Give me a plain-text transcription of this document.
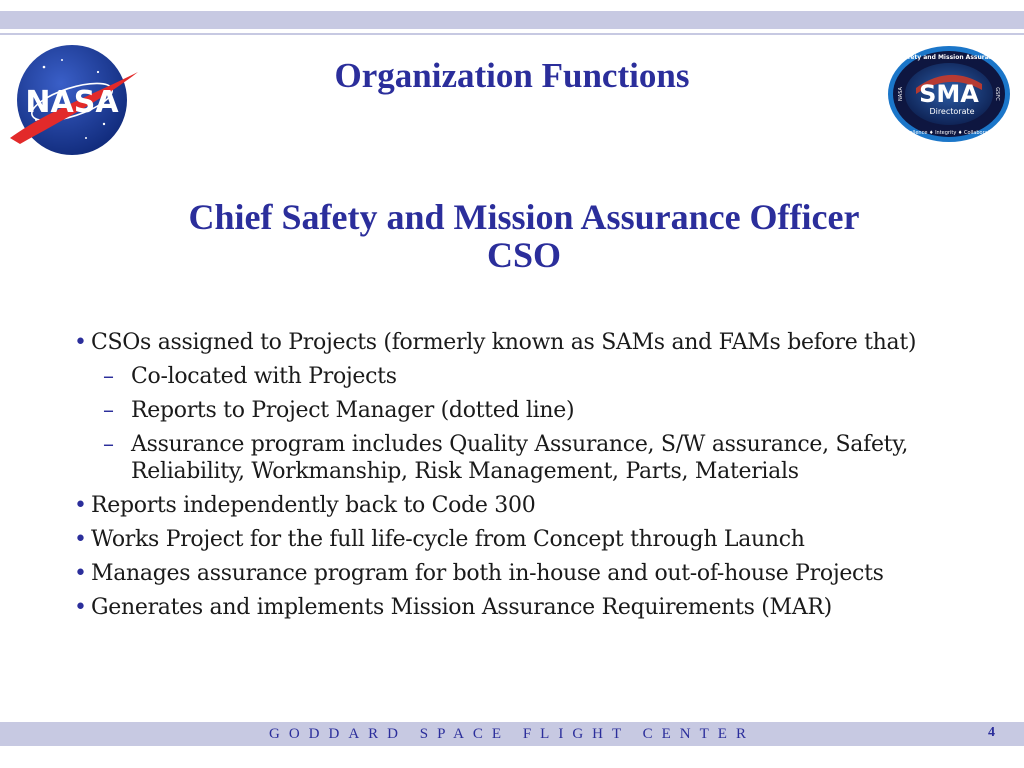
NASA	SMA
Directorate
Safety and Mission Assurance
Excellence ♦ Integrity ♦ Collaboration
NASA	GSFC
Organization Functions
Chief Safety and Mission Assurance Officer
CSO
• CSOs assigned to Projects (formerly known as SAMs and FAMs before that)
– Co-located with Projects
– Reports to Project Manager (dotted line)
– Assurance program includes Quality Assurance, S/W assurance, Safety, Reliability, Workmanship, Risk Management, Parts, Materials
• Reports independently back to Code 300
• Works Project for the full life-cycle from Concept through Launch
• Manages assurance program for both in-house and out-of-house Projects
• Generates and implements Mission Assurance Requirements (MAR)
GODDARD SPACE FLIGHT CENTER	4
